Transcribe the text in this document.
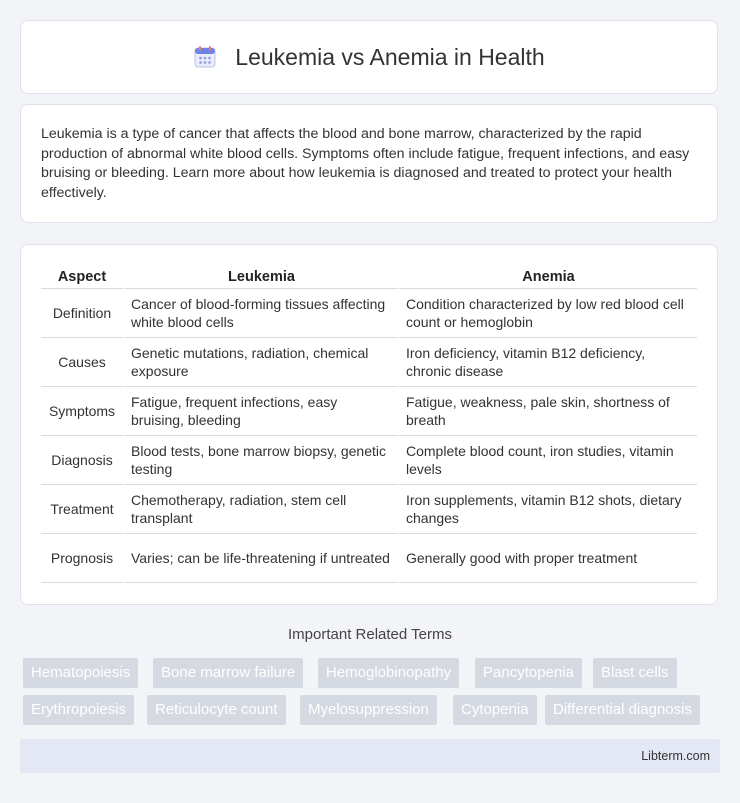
Leukemia vs Anemia in Health
Leukemia is a type of cancer that affects the blood and bone marrow, characterized by the rapid production of abnormal white blood cells. Symptoms often include fatigue, frequent infections, and easy bruising or bleeding. Learn more about how leukemia is diagnosed and treated to protect your health effectively.
Aspect	Leukemia	Anemia
Definition	Cancer of blood-forming tissues affecting white blood cells	Condition characterized by low red blood cell count or hemoglobin
Causes	Genetic mutations, radiation, chemical exposure	Iron deficiency, vitamin B12 deficiency, chronic disease
Symptoms	Fatigue, frequent infections, easy bruising, bleeding	Fatigue, weakness, pale skin, shortness of breath
Diagnosis	Blood tests, bone marrow biopsy, genetic testing	Complete blood count, iron studies, vitamin levels
Treatment	Chemotherapy, radiation, stem cell transplant	Iron supplements, vitamin B12 shots, dietary changes
Prognosis	Varies; can be life-threatening if untreated	Generally good with proper treatment
Important Related Terms
Hematopoiesis	Bone marrow failure	Hemoglobinopathy	Pancytopenia	Blast cells
Erythropoiesis	Reticulocyte count	Myelosuppression	Cytopenia	Differential diagnosis
Libterm.com
